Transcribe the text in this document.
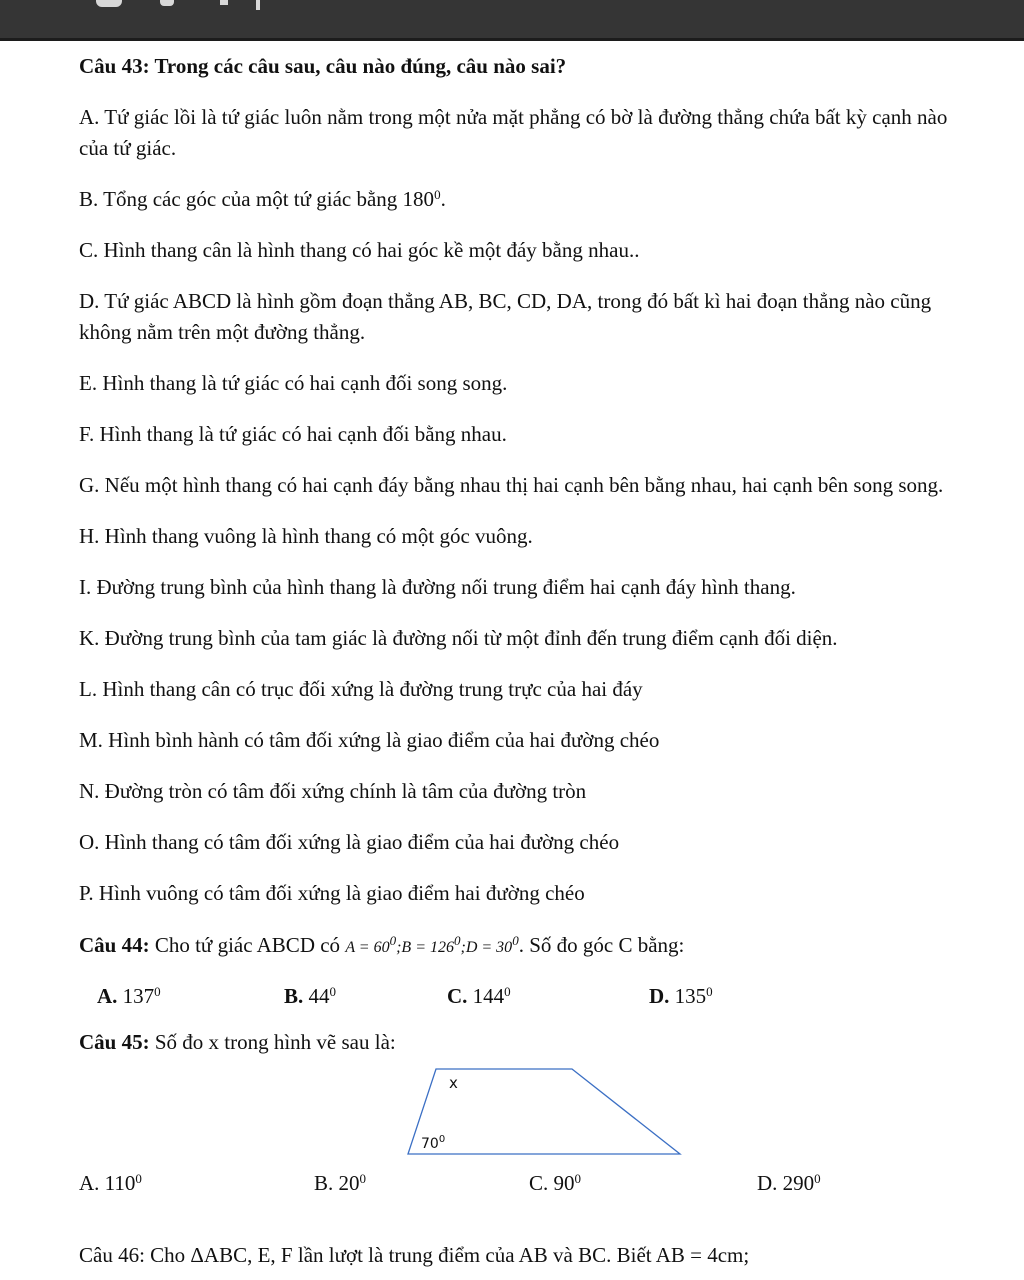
Câu 43: Trong các câu sau, câu nào đúng, câu nào sai?

A. Tứ giác lồi là tứ giác luôn nằm trong một nửa mặt phẳng có bờ là đường thẳng chứa bất kỳ cạnh nào của tứ giác.

B. Tổng các góc của một tứ giác bằng $180^0$.

C. Hình thang cân là hình thang có hai góc kề một đáy bằng nhau..

D. Tứ giác ABCD là hình gồm đoạn thẳng AB, BC, CD, DA, trong đó bất kì hai đoạn thẳng nào cũng không nằm trên một đường thẳng.

E. Hình thang là tứ giác có hai cạnh đối song song.

F. Hình thang là tứ giác có hai cạnh đối bằng nhau.

G. Nếu một hình thang có hai cạnh đáy bằng nhau thị hai cạnh bên bằng nhau, hai cạnh bên song song.

H. Hình thang vuông là hình thang có một góc vuông.

I. Đường trung bình của hình thang là đường nối trung điểm hai cạnh đáy hình thang.

K. Đường trung bình của tam giác là đường nối từ một đỉnh đến trung điểm cạnh đối diện.

L. Hình thang cân có trục đối xứng là đường trung trực của hai đáy

M. Hình bình hành có tâm đối xứng là giao điểm của hai đường chéo

N. Đường tròn có tâm đối xứng chính là tâm của đường tròn

O. Hình thang có tâm đối xứng là giao điểm của hai đường chéo

P. Hình vuông có tâm đối xứng là giao điểm hai đường chéo

Câu 44: Cho tứ giác ABCD có $A = 60^0;B$ = $126^0;D = 30^0$. Số đo góc C bằng:

A. $137^0$	B. $44^0$	C. $144^0$	D. $135^0$

Câu 45: Số đo x trong hình vẽ sau là:

x
$70^0$
A. $110^0$	B. $20^0$	C. $90^0$	D. $290^0$
Câu 46: Cho ΔABC, E, F lần lượt là trung điểm của AB và BC. Biết AB = 4cm;
